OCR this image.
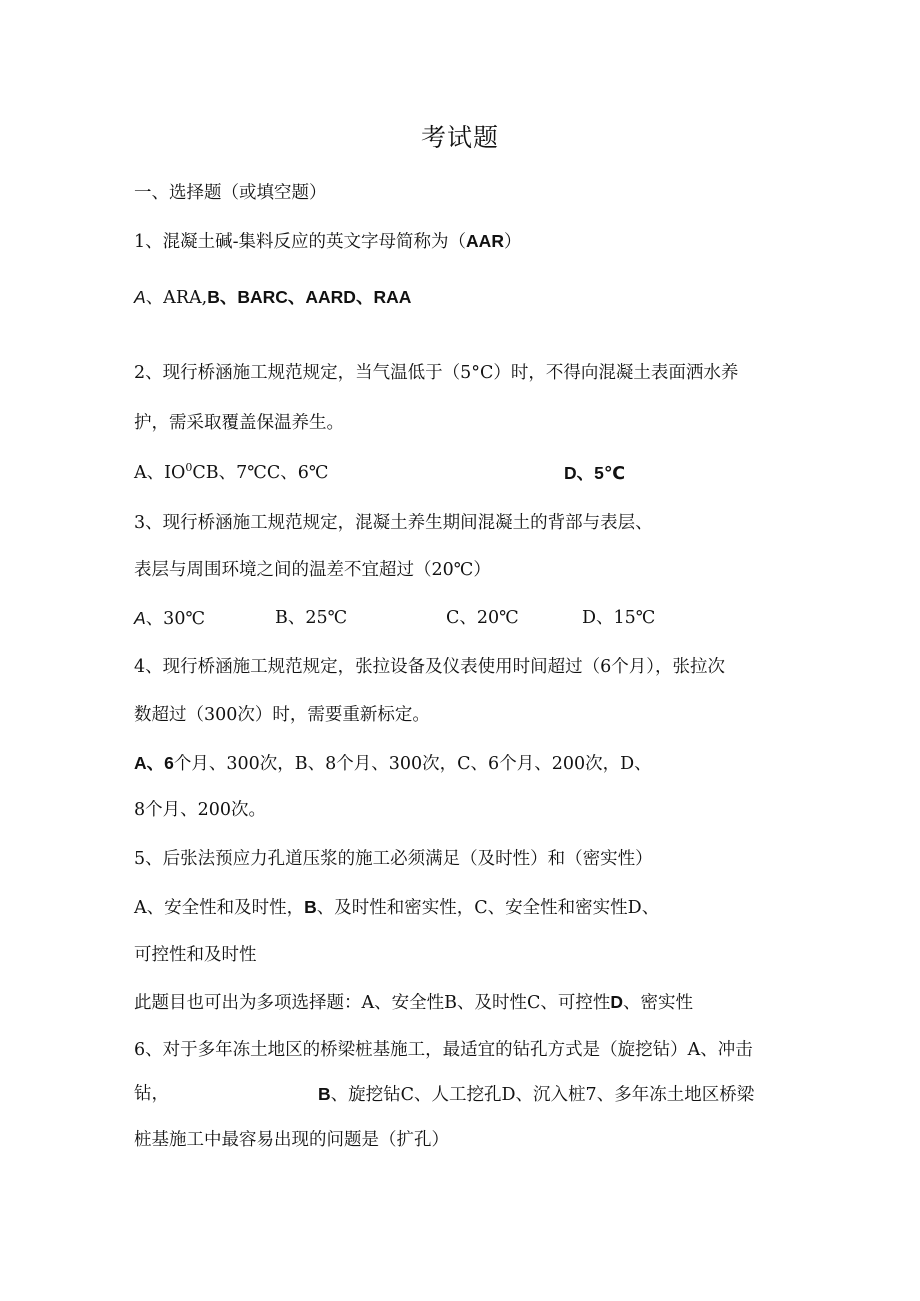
考试题
一、选择题（或填空题）
1、混凝土碱-集料反应的英文字母简称为（AAR）
A、ARA,B、BARC、AARD、RAA
2、现行桥涵施工规范规定，当气温低于（5°C）时，不得向混凝土表面洒水养
护，需采取覆盖保温养生。
A、$IO^0CB$、7℃C、6℃	D、5℃
3、现行桥涵施工规范规定，混凝土养生期间混凝土的背部与表层、
表层与周围环境之间的温差不宜超过（20℃）
A、30℃	B、25℃	C、20℃	D、15℃
4、现行桥涵施工规范规定，张拉设备及仪表使用时间超过（6个月），张拉次
数超过（300次）时，需要重新标定。
A、6个月、300次，B、8个月、300次，C、6个月、200次，D、
8个月、200次。
5、后张法预应力孔道压浆的施工必须满足（及时性）和（密实性）
A、安全性和及时性，B、及时性和密实性，C、安全性和密实性D、
可控性和及时性
此题目也可出为多项选择题：A、安全性B、及时性C、可控性D、密实性
6、对于多年冻土地区的桥梁桩基施工，最适宜的钻孔方式是（旋挖钻）A、冲击
钻，	B、旋挖钻C、人工挖孔D、沉入桩7、多年冻土地区桥梁
桩基施工中最容易出现的问题是（扩孔）
